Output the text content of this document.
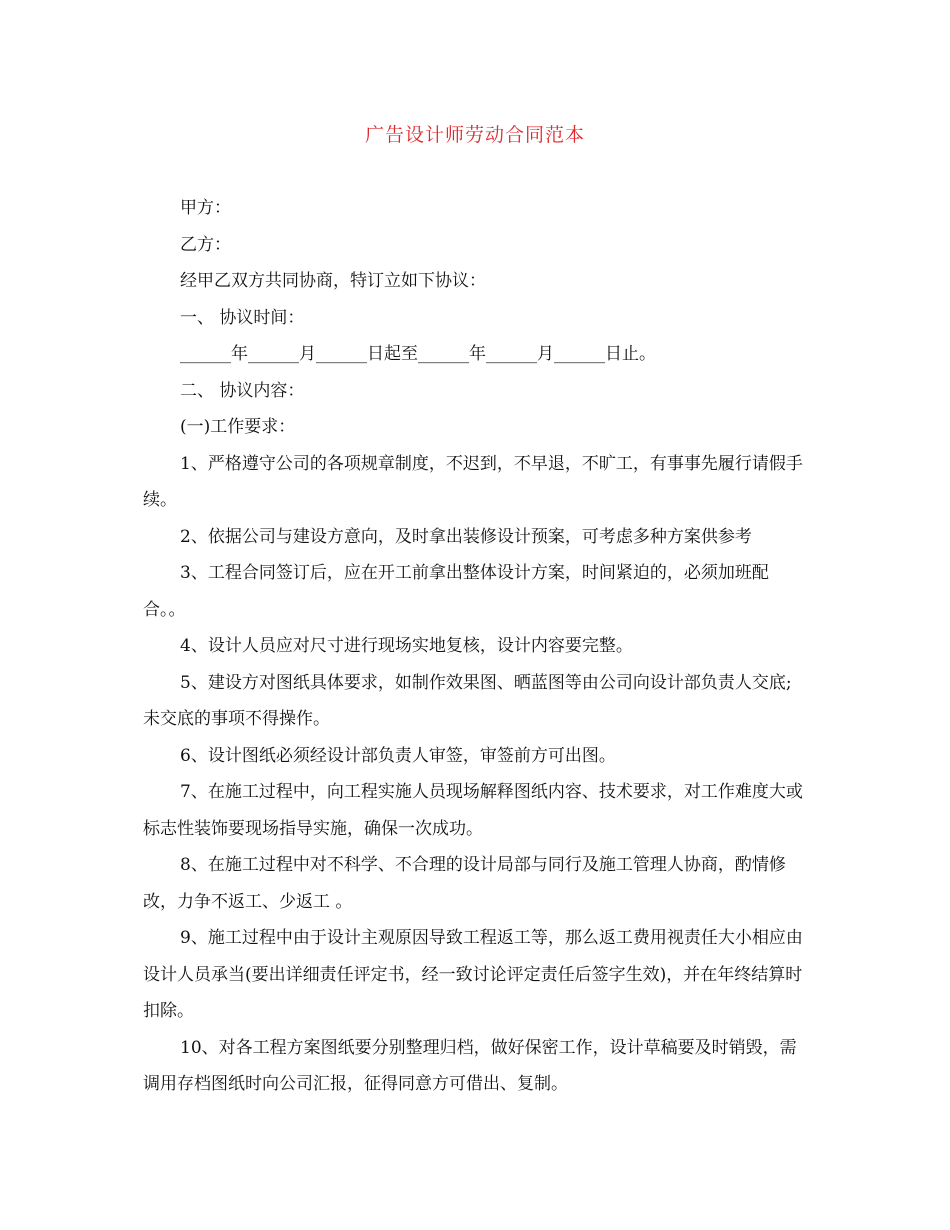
广告设计师劳动合同范本

甲方：

乙方：

经甲乙双方共同协商，特订立如下协议：

一、 协议时间：

______年______月______日起至______年______月______日止。

二、 协议内容：

(一)工作要求：

1、严格遵守公司的各项规章制度，不迟到，不早退，不旷工，有事事先履行请假手续。

2、依据公司与建设方意向，及时拿出装修设计预案，可考虑多种方案供参考

3、工程合同签订后，应在开工前拿出整体设计方案，时间紧迫的，必须加班配合。。

4、设计人员应对尺寸进行现场实地复核，设计内容要完整。

5、建设方对图纸具体要求，如制作效果图、晒蓝图等由公司向设计部负责人交底;未交底的事项不得操作。

6、设计图纸必须经设计部负责人审签，审签前方可出图。

7、在施工过程中，向工程实施人员现场解释图纸内容、技术要求，对工作难度大或标志性装饰要现场指导实施，确保一次成功。

8、在施工过程中对不科学、不合理的设计局部与同行及施工管理人协商，酌情修改，力争不返工、少返工 。

9、施工过程中由于设计主观原因导致工程返工等，那么返工费用视责任大小相应由设计人员承当(要出详细责任评定书，经一致讨论评定责任后签字生效)，并在年终结算时扣除。

10、对各工程方案图纸要分别整理归档，做好保密工作，设计草稿要及时销毁，需调用存档图纸时向公司汇报，征得同意方可借出、复制。
